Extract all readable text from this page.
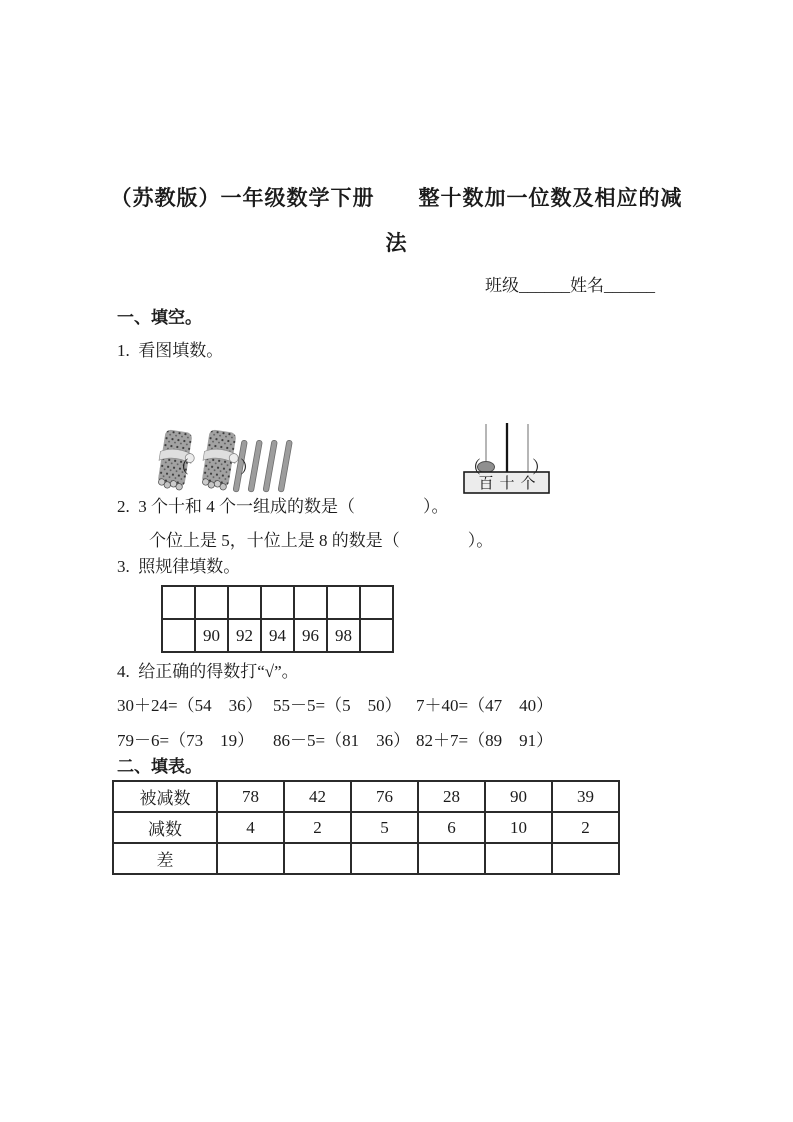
（苏教版）一年级数学下册　　整十数加一位数及相应的减
法
班级______姓名______
一、填空。
1.  看图填数。

（　　　）

百 十 个

（　　　）
2.  3 个十和 4 个一组成的数是（　　　　）。
个位上是 5，十位上是 8 的数是（　　　　）。
3.  照规律填数。

	90	92	94	96	98	
4.  给正确的得数打“√”。
30＋24=（54　36） 55－5=（5　50） 7＋40=（47　40）
79－6=（73　19） 86－5=（81　36） 82＋7=（89　91）
二、填表。
被减数	78	42	76	28	90	39
减数	4	2	5	6	10	2
差						
